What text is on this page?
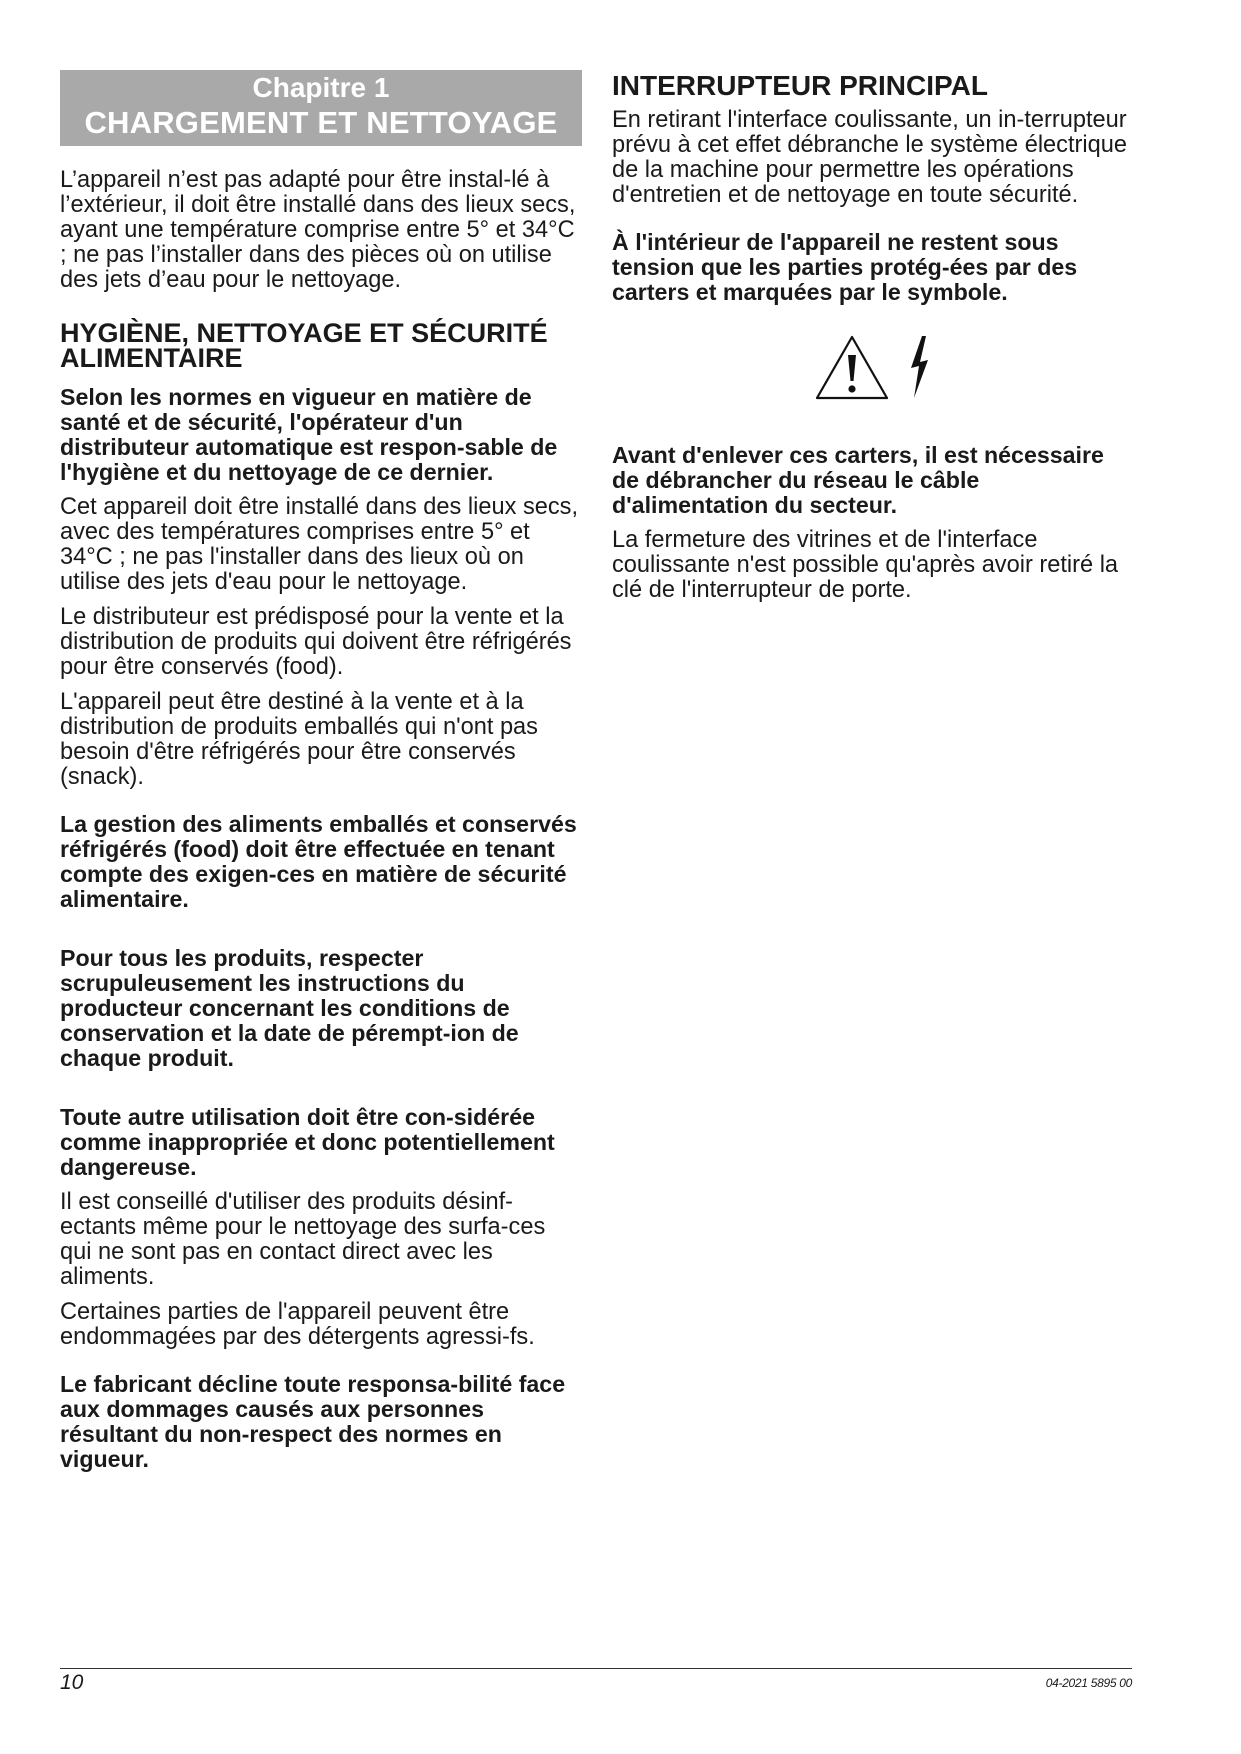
Chapitre 1
CHARGEMENT ET NETTOYAGE

L’appareil n’est pas adapté pour être instal-lé à l’extérieur, il doit être installé dans des lieux secs, ayant une température comprise entre 5° et 34°C ; ne pas l’installer dans des pièces où on utilise des jets d’eau pour le nettoyage.

HYGIÈNE, NETTOYAGE ET SÉCURITÉ ALIMENTAIRE

Selon les normes en vigueur en matière de santé et de sécurité, l'opérateur d'un distributeur automatique est respon-sable de l'hygiène et du nettoyage de ce dernier.

Cet appareil doit être installé dans des lieux secs, avec des températures comprises entre 5° et 34°C ; ne pas l'installer dans des lieux où on utilise des jets d'eau pour le nettoyage.

Le distributeur est prédisposé pour la vente et la distribution de produits qui doivent être réfrigérés pour être conservés (food).

L'appareil peut être destiné à la vente et à la distribution de produits emballés qui n'ont pas besoin d'être réfrigérés pour être conservés (snack).

La gestion des aliments emballés et conservés réfrigérés (food) doit être effectuée en tenant compte des exigen-ces en matière de sécurité alimentaire.

Pour tous les produits, respecter scrupuleusement les instructions du producteur concernant les conditions de conservation et la date de pérempt-ion de chaque produit.

Toute autre utilisation doit être con-sidérée comme inappropriée et donc potentiellement dangereuse.

Il est conseillé d'utiliser des produits désinf-ectants même pour le nettoyage des surfa-ces qui ne sont pas en contact direct avec les aliments.

Certaines parties de l'appareil peuvent être endommagées par des détergents agressi-fs.

Le fabricant décline toute responsa-bilité face aux dommages causés aux personnes résultant du non-respect des normes en vigueur.

INTERRUPTEUR PRINCIPAL

En retirant l'interface coulissante, un in-terrupteur prévu à cet effet débranche le système électrique de la machine pour permettre les opérations d'entretien et de nettoyage en toute sécurité.

À l'intérieur de l'appareil ne restent sous tension que les parties protég-ées par des carters et marquées par le symbole.

Avant d'enlever ces carters, il est nécessaire de débrancher du réseau le câble d'alimentation du secteur.

La fermeture des vitrines et de l'interface coulissante n'est possible qu'après avoir retiré la clé de l'interrupteur de porte.

10	04-2021 5895 00
